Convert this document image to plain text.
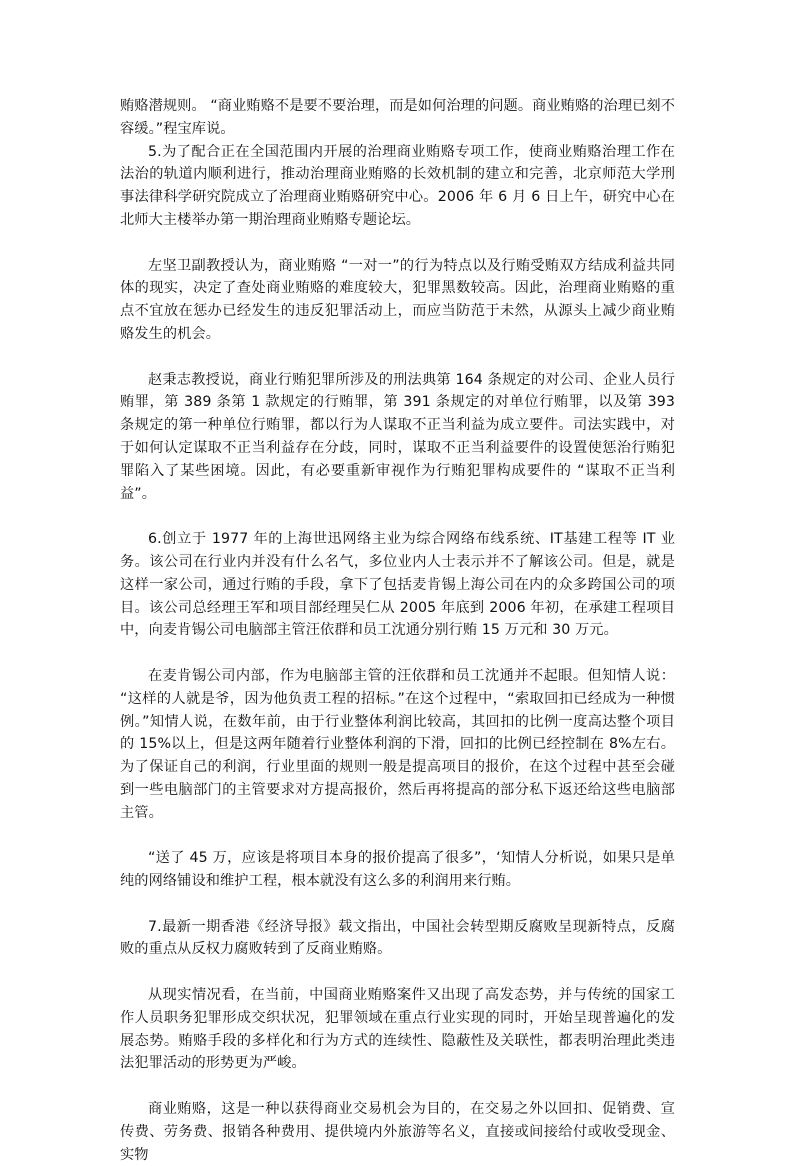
贿赂潜规则。 “商业贿赂不是要不要治理，而是如何治理的问题。商业贿赂的治理已刻不容缓。”程宝库说。

5.为了配合正在全国范围内开展的治理商业贿赂专项工作，使商业贿赂治理工作在法治的轨道内顺利进行，推动治理商业贿赂的长效机制的建立和完善，北京师范大学刑事法律科学研究院成立了治理商业贿赂研究中心。2006 年 6 月 6 日上午，研究中心在北师大主楼举办第一期治理商业贿赂专题论坛。

左坚卫副教授认为，商业贿赂 “一对一”的行为特点以及行贿受贿双方结成利益共同体的现实，决定了查处商业贿赂的难度较大，犯罪黑数较高。因此，治理商业贿赂的重点不宜放在惩办已经发生的违反犯罪活动上，而应当防范于未然，从源头上减少商业贿赂发生的机会。

赵秉志教授说，商业行贿犯罪所涉及的刑法典第 164 条规定的对公司、企业人员行贿罪，第 389 条第 1 款规定的行贿罪，第 391 条规定的对单位行贿罪，以及第 393 条规定的第一种单位行贿罪，都以行为人谋取不正当利益为成立要件。司法实践中，对于如何认定谋取不正当利益存在分歧，同时，谋取不正当利益要件的设置使惩治行贿犯罪陷入了某些困境。因此，有必要重新审视作为行贿犯罪构成要件的 “谋取不正当利益”。

6.创立于 1977 年的上海世迅网络主业为综合网络布线系统、IT基建工程等 IT 业务。该公司在行业内并没有什么名气，多位业内人士表示并不了解该公司。但是，就是这样一家公司，通过行贿的手段，拿下了包括麦肯锡上海公司在内的众多跨国公司的项目。该公司总经理王军和项目部经理吴仁从 2005 年底到 2006 年初，在承建工程项目中，向麦肯锡公司电脑部主管汪依群和员工沈通分别行贿 15 万元和 30 万元。

在麦肯锡公司内部，作为电脑部主管的汪依群和员工沈通并不起眼。但知情人说： “这样的人就是爷，因为他负责工程的招标。”在这个过程中，“索取回扣已经成为一种惯例。”知情人说，在数年前，由于行业整体利润比较高，其回扣的比例一度高达整个项目的 15%以上，但是这两年随着行业整体利润的下滑，回扣的比例已经控制在 8%左右。为了保证自己的利润，行业里面的规则一般是提高项目的报价，在这个过程中甚至会碰到一些电脑部门的主管要求对方提高报价，然后再将提高的部分私下返还给这些电脑部主管。

“送了 45 万，应该是将项目本身的报价提高了很多”，‘知情人分析说，如果只是单纯的网络铺设和维护工程，根本就没有这么多的利润用来行贿。

7.最新一期香港《经济导报》载文指出，中国社会转型期反腐败呈现新特点，反腐败的重点从反权力腐败转到了反商业贿赂。

从现实情况看，在当前，中国商业贿赂案件又出现了高发态势，并与传统的国家工作人员职务犯罪形成交织状况，犯罪领域在重点行业实现的同时，开始呈现普遍化的发展态势。贿赂手段的多样化和行为方式的连续性、隐蔽性及关联性，都表明治理此类违法犯罪活动的形势更为严峻。

商业贿赂，这是一种以获得商业交易机会为目的，在交易之外以回扣、促销费、宣传费、劳务费、报销各种费用、提供境内外旅游等名义，直接或间接给付或收受现金、实物
